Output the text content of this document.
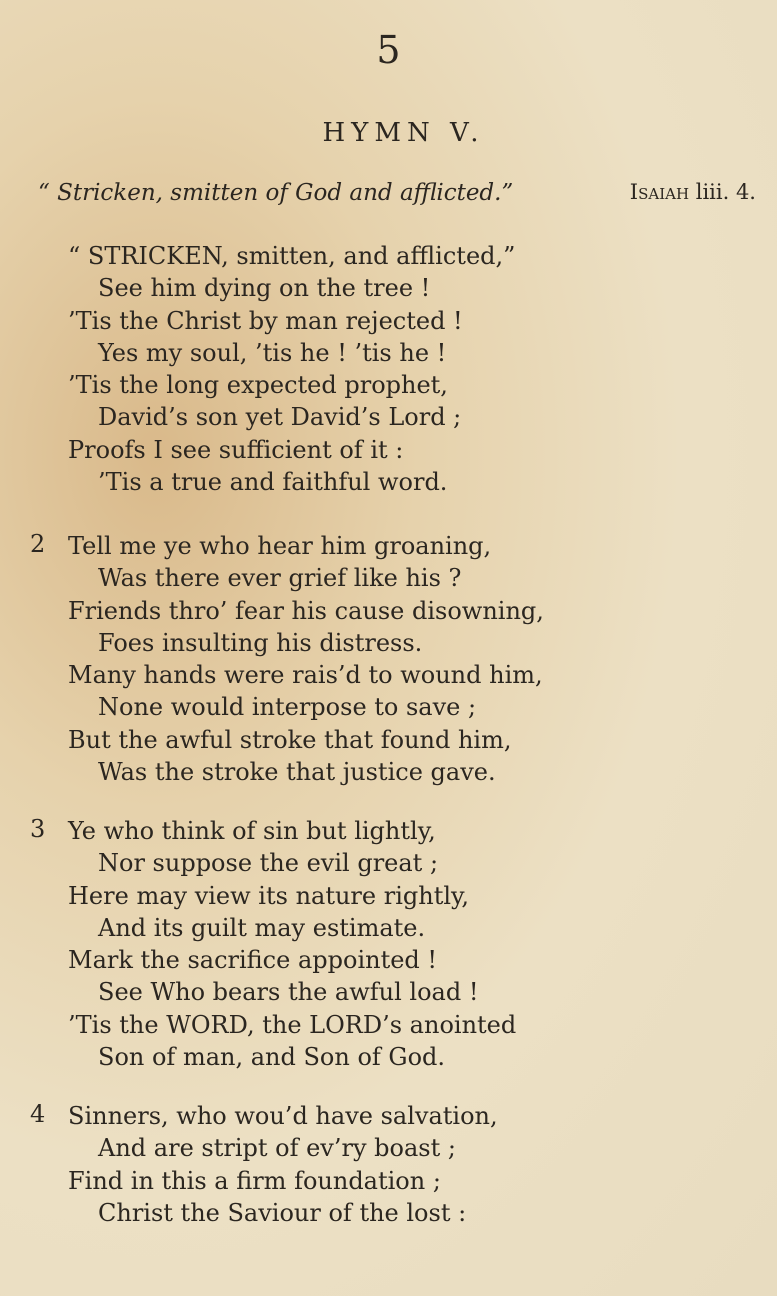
5
HYMN V.
“ Stricken, smitten of God and afflicted.”	Isaiah liii. 4.
“ STRICKEN, smitten, and afflicted,”
See him dying on the tree !
’Tis the Christ by man rejected !
Yes my soul, ’tis he ! ’tis he !
’Tis the long expected prophet,
David’s son yet David’s Lord ;
Proofs I see sufficient of it :
’Tis a true and faithful word.
2 Tell me ye who hear him groaning,
Was there ever grief like his ?
Friends thro’ fear his cause disowning,
Foes insulting his distress.
Many hands were rais’d to wound him,
None would interpose to save ;
But the awful stroke that found him,
Was the stroke that justice gave.
3 Ye who think of sin but lightly,
Nor suppose the evil great ;
Here may view its nature rightly,
And its guilt may estimate.
Mark the sacrifice appointed !
See Who bears the awful load !
’Tis the WORD, the LORD’s anointed
Son of man, and Son of God.
4 Sinners, who wou’d have salvation,
And are stript of ev’ry boast ;
Find in this a firm foundation ;
Christ the Saviour of the lost :
